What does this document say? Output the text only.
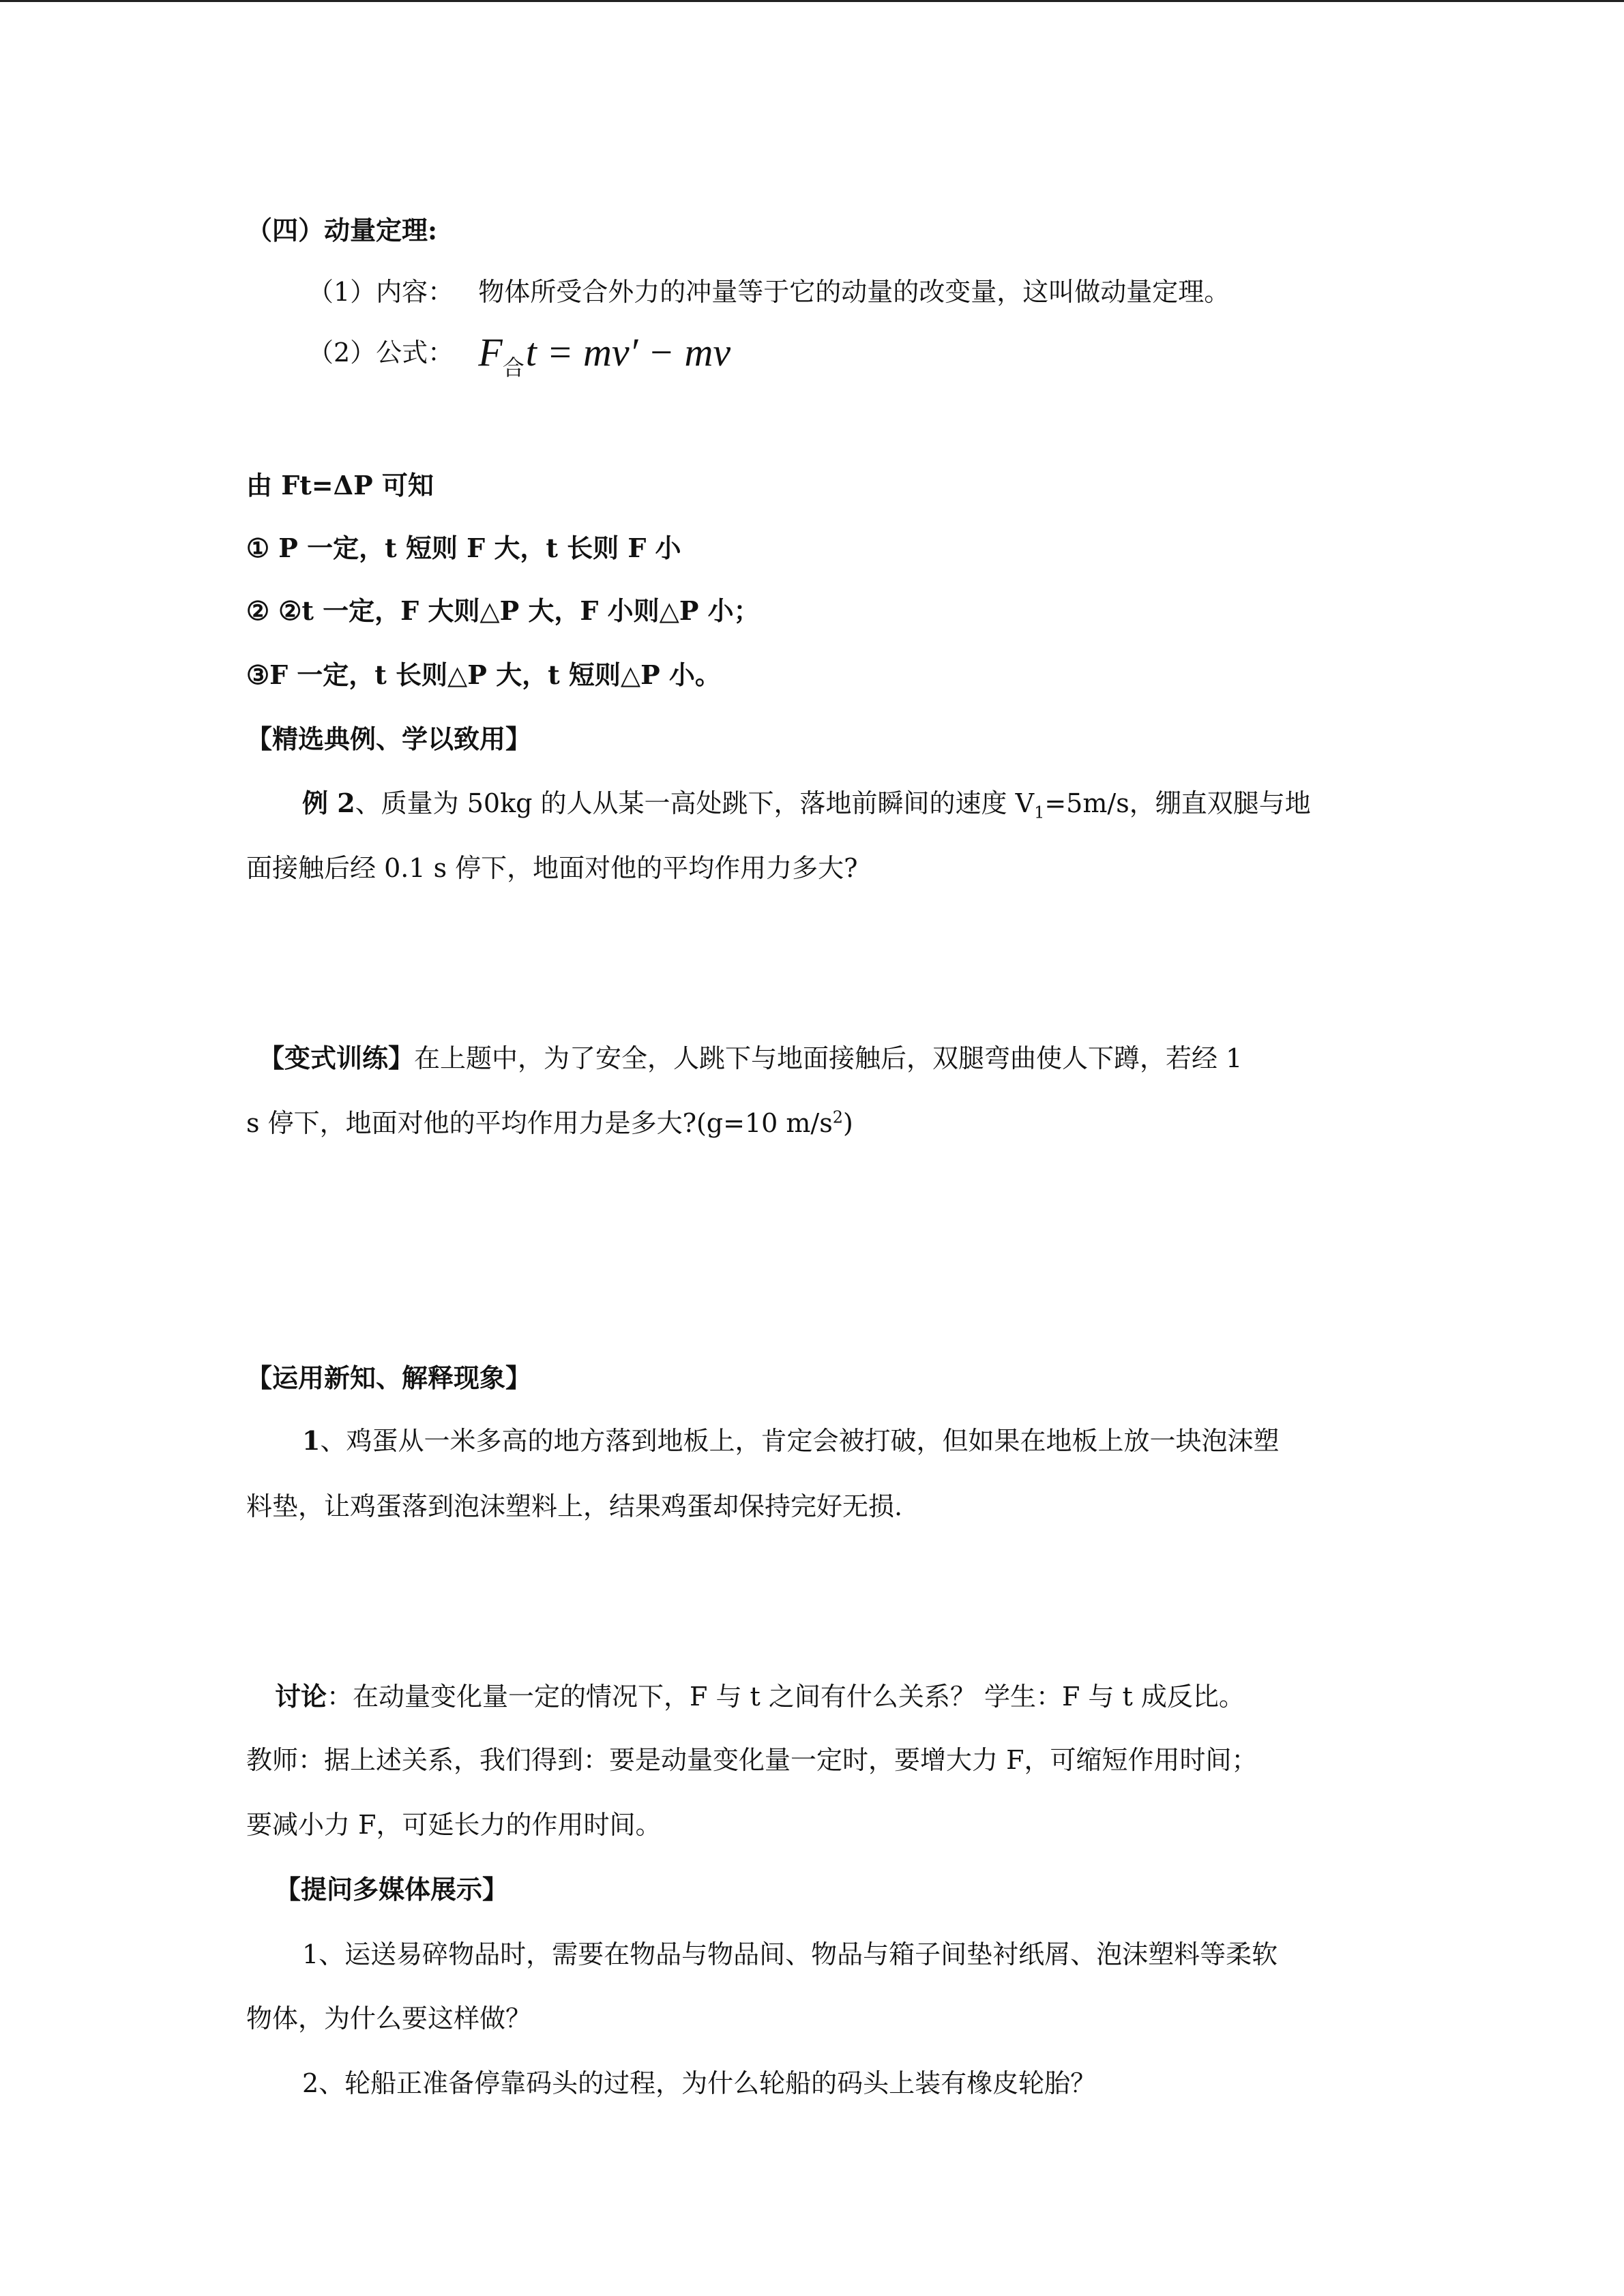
（四）动量定理:
（1）内容： 物体所受合外力的冲量等于它的动量的改变量，这叫做动量定理。
（2）公式： $F_合t = mv'$ − mv
由 Ft=ΔP 可知
① P 一定，t 短则 F 大，t 长则 F 小
② ②t 一定，F 大则△P 大，F 小则△P 小；
③F 一定，t 长则△P 大，t 短则△P 小。
【精选典例、学以致用】
例 2、质量为 50kg 的人从某一高处跳下，落地前瞬间的速度 $V_1=5m/s$，绷直双腿与地
面接触后经 0.1 s 停下，地面对他的平均作用力多大?
【变式训练】在上题中，为了安全，人跳下与地面接触后，双腿弯曲使人下蹲，若经 1
s 停下，地面对他的平均作用力是多大?(g=10 $m/s^2$)
【运用新知、解释现象】
1、鸡蛋从一米多高的地方落到地板上，肯定会被打破，但如果在地板上放一块泡沫塑
料垫，让鸡蛋落到泡沫塑料上，结果鸡蛋却保持完好无损.
讨论：在动量变化量一定的情况下，F 与 t 之间有什么关系？ 学生：F 与 t 成反比。
教师：据上述关系，我们得到：要是动量变化量一定时，要增大力 F，可缩短作用时间；
要减小力 F，可延长力的作用时间。
【提问多媒体展示】
1、运送易碎物品时，需要在物品与物品间、物品与箱子间垫衬纸屑、泡沫塑料等柔软
物体，为什么要这样做？
2、轮船正准备停靠码头的过程，为什么轮船的码头上装有橡皮轮胎？
